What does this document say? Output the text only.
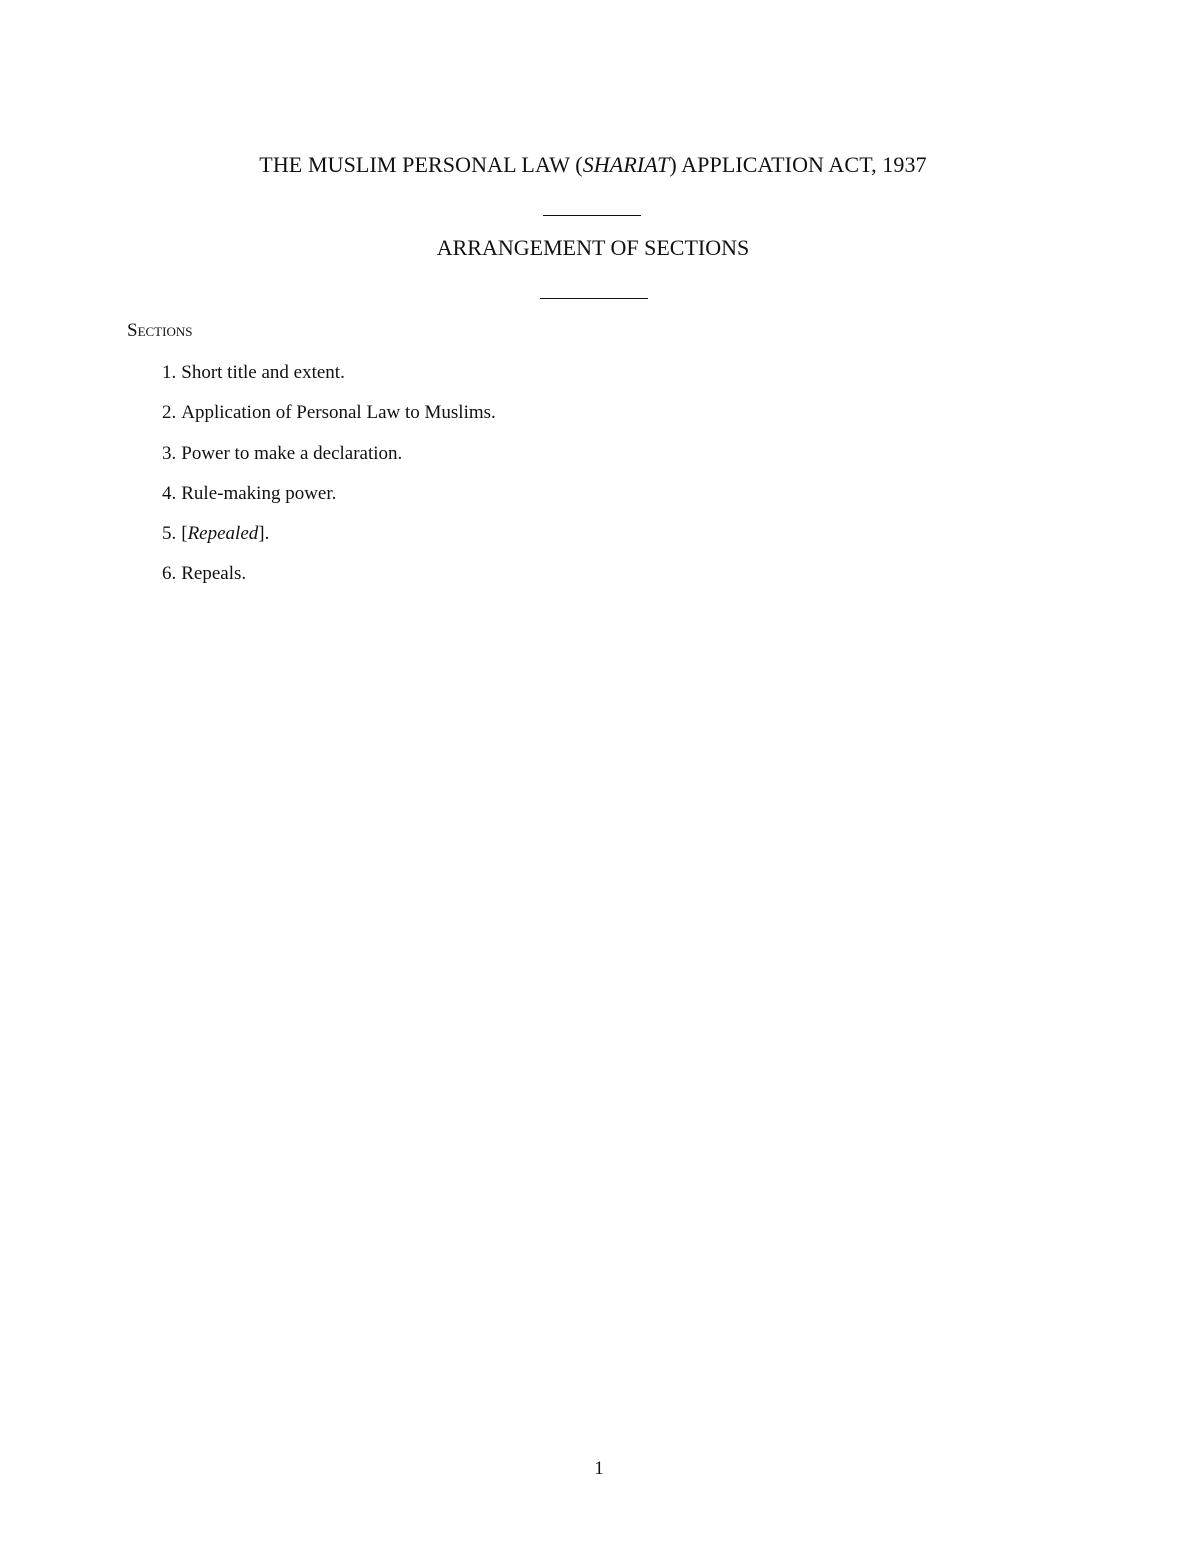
THE MUSLIM PERSONAL LAW (SHARIAT) APPLICATION ACT, 1937
ARRANGEMENT OF SECTIONS
Sections
1. Short title and extent.
2. Application of Personal Law to Muslims.
3. Power to make a declaration.
4. Rule-making power.
5. [Repealed].
6. Repeals.
1
